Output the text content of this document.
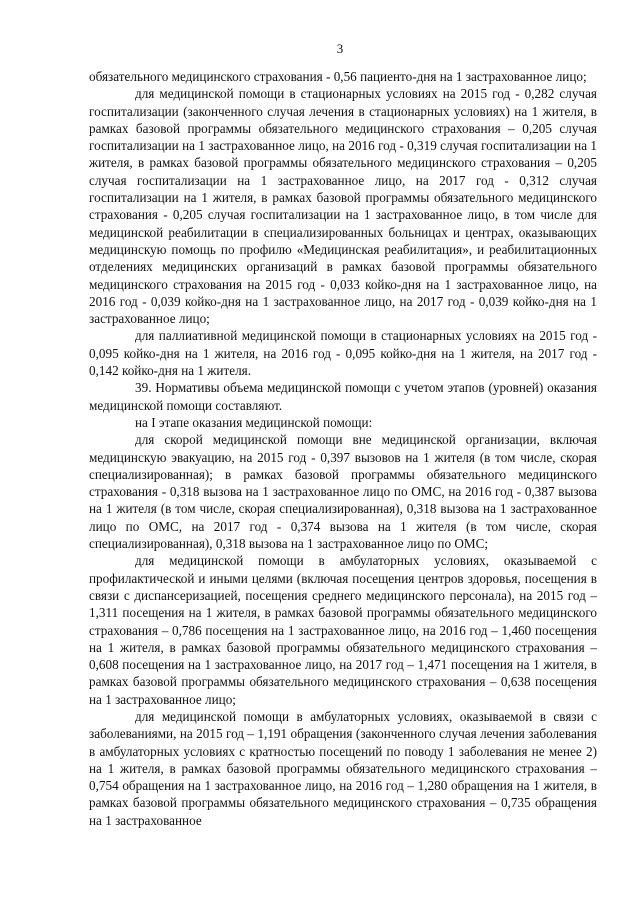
3

обязательного медицинского страхования - 0,56 пациенто-дня на 1 застрахованное лицо;

для медицинской помощи в стационарных условиях на 2015 год - 0,282 случая госпитализации (законченного случая лечения в стационарных условиях) на 1 жителя, в рамках базовой программы обязательного медицинского страхования – 0,205 случая госпитализации на 1 застрахованное лицо, на 2016 год - 0,319 случая госпитализации на 1 жителя, в рамках базовой программы обязательного медицинского страхования – 0,205 случая госпитализации на 1 застрахованное лицо, на 2017 год - 0,312 случая госпитализации на 1 жителя, в рамках базовой программы обязательного медицинского страхования - 0,205 случая госпитализации на 1 застрахованное лицо, в том числе для медицинской реабилитации в специализированных больницах и центрах, оказывающих медицинскую помощь по профилю «Медицинская реабилитация», и реабилитационных отделениях медицинских организаций в рамках базовой программы обязательного медицинского страхования на 2015 год - 0,033 койко-дня на 1 застрахованное лицо, на 2016 год - 0,039 койко-дня на 1 застрахованное лицо, на 2017 год - 0,039 койко-дня на 1 застрахованное лицо;

для паллиативной медицинской помощи в стационарных условиях на 2015 год - 0,095 койко-дня на 1 жителя, на 2016 год - 0,095 койко-дня на 1 жителя, на 2017 год - 0,142 койко-дня на 1 жителя.

39. Нормативы объема медицинской помощи с учетом этапов (уровней) оказания медицинской помощи составляют.

на I этапе оказания медицинской помощи:

для скорой медицинской помощи вне медицинской организации, включая медицинскую эвакуацию, на 2015 год - 0,397 вызовов на 1 жителя (в том числе, скорая специализированная); в рамках базовой программы обязательного медицинского страхования - 0,318 вызова на 1 застрахованное лицо по ОМС, на 2016 год - 0,387 вызова на 1 жителя (в том числе, скорая специализированная), 0,318 вызова на 1 застрахованное лицо по ОМС, на 2017 год - 0,374 вызова на 1 жителя (в том числе, скорая специализированная), 0,318 вызова на 1 застрахованное лицо по ОМС;

для медицинской помощи в амбулаторных условиях, оказываемой с профилактической и иными целями (включая посещения центров здоровья, посещения в связи с диспансеризацией, посещения среднего медицинского персонала), на 2015 год – 1,311 посещения на 1 жителя, в рамках базовой программы обязательного медицинского страхования – 0,786 посещения на 1 застрахованное лицо, на 2016 год – 1,460 посещения на 1 жителя, в рамках базовой программы обязательного медицинского страхования – 0,608 посещения на 1 застрахованное лицо, на 2017 год – 1,471 посещения на 1 жителя, в рамках базовой программы обязательного медицинского страхования – 0,638 посещения на 1 застрахованное лицо;

для медицинской помощи в амбулаторных условиях, оказываемой в связи с заболеваниями, на 2015 год – 1,191 обращения (законченного случая лечения заболевания в амбулаторных условиях с кратностью посещений по поводу 1 заболевания не менее 2) на 1 жителя, в рамках базовой программы обязательного медицинского страхования – 0,754 обращения на 1 застрахованное лицо, на 2016 год – 1,280 обращения на 1 жителя, в рамках базовой программы обязательного медицинского страхования – 0,735 обращения на 1 застрахованное
